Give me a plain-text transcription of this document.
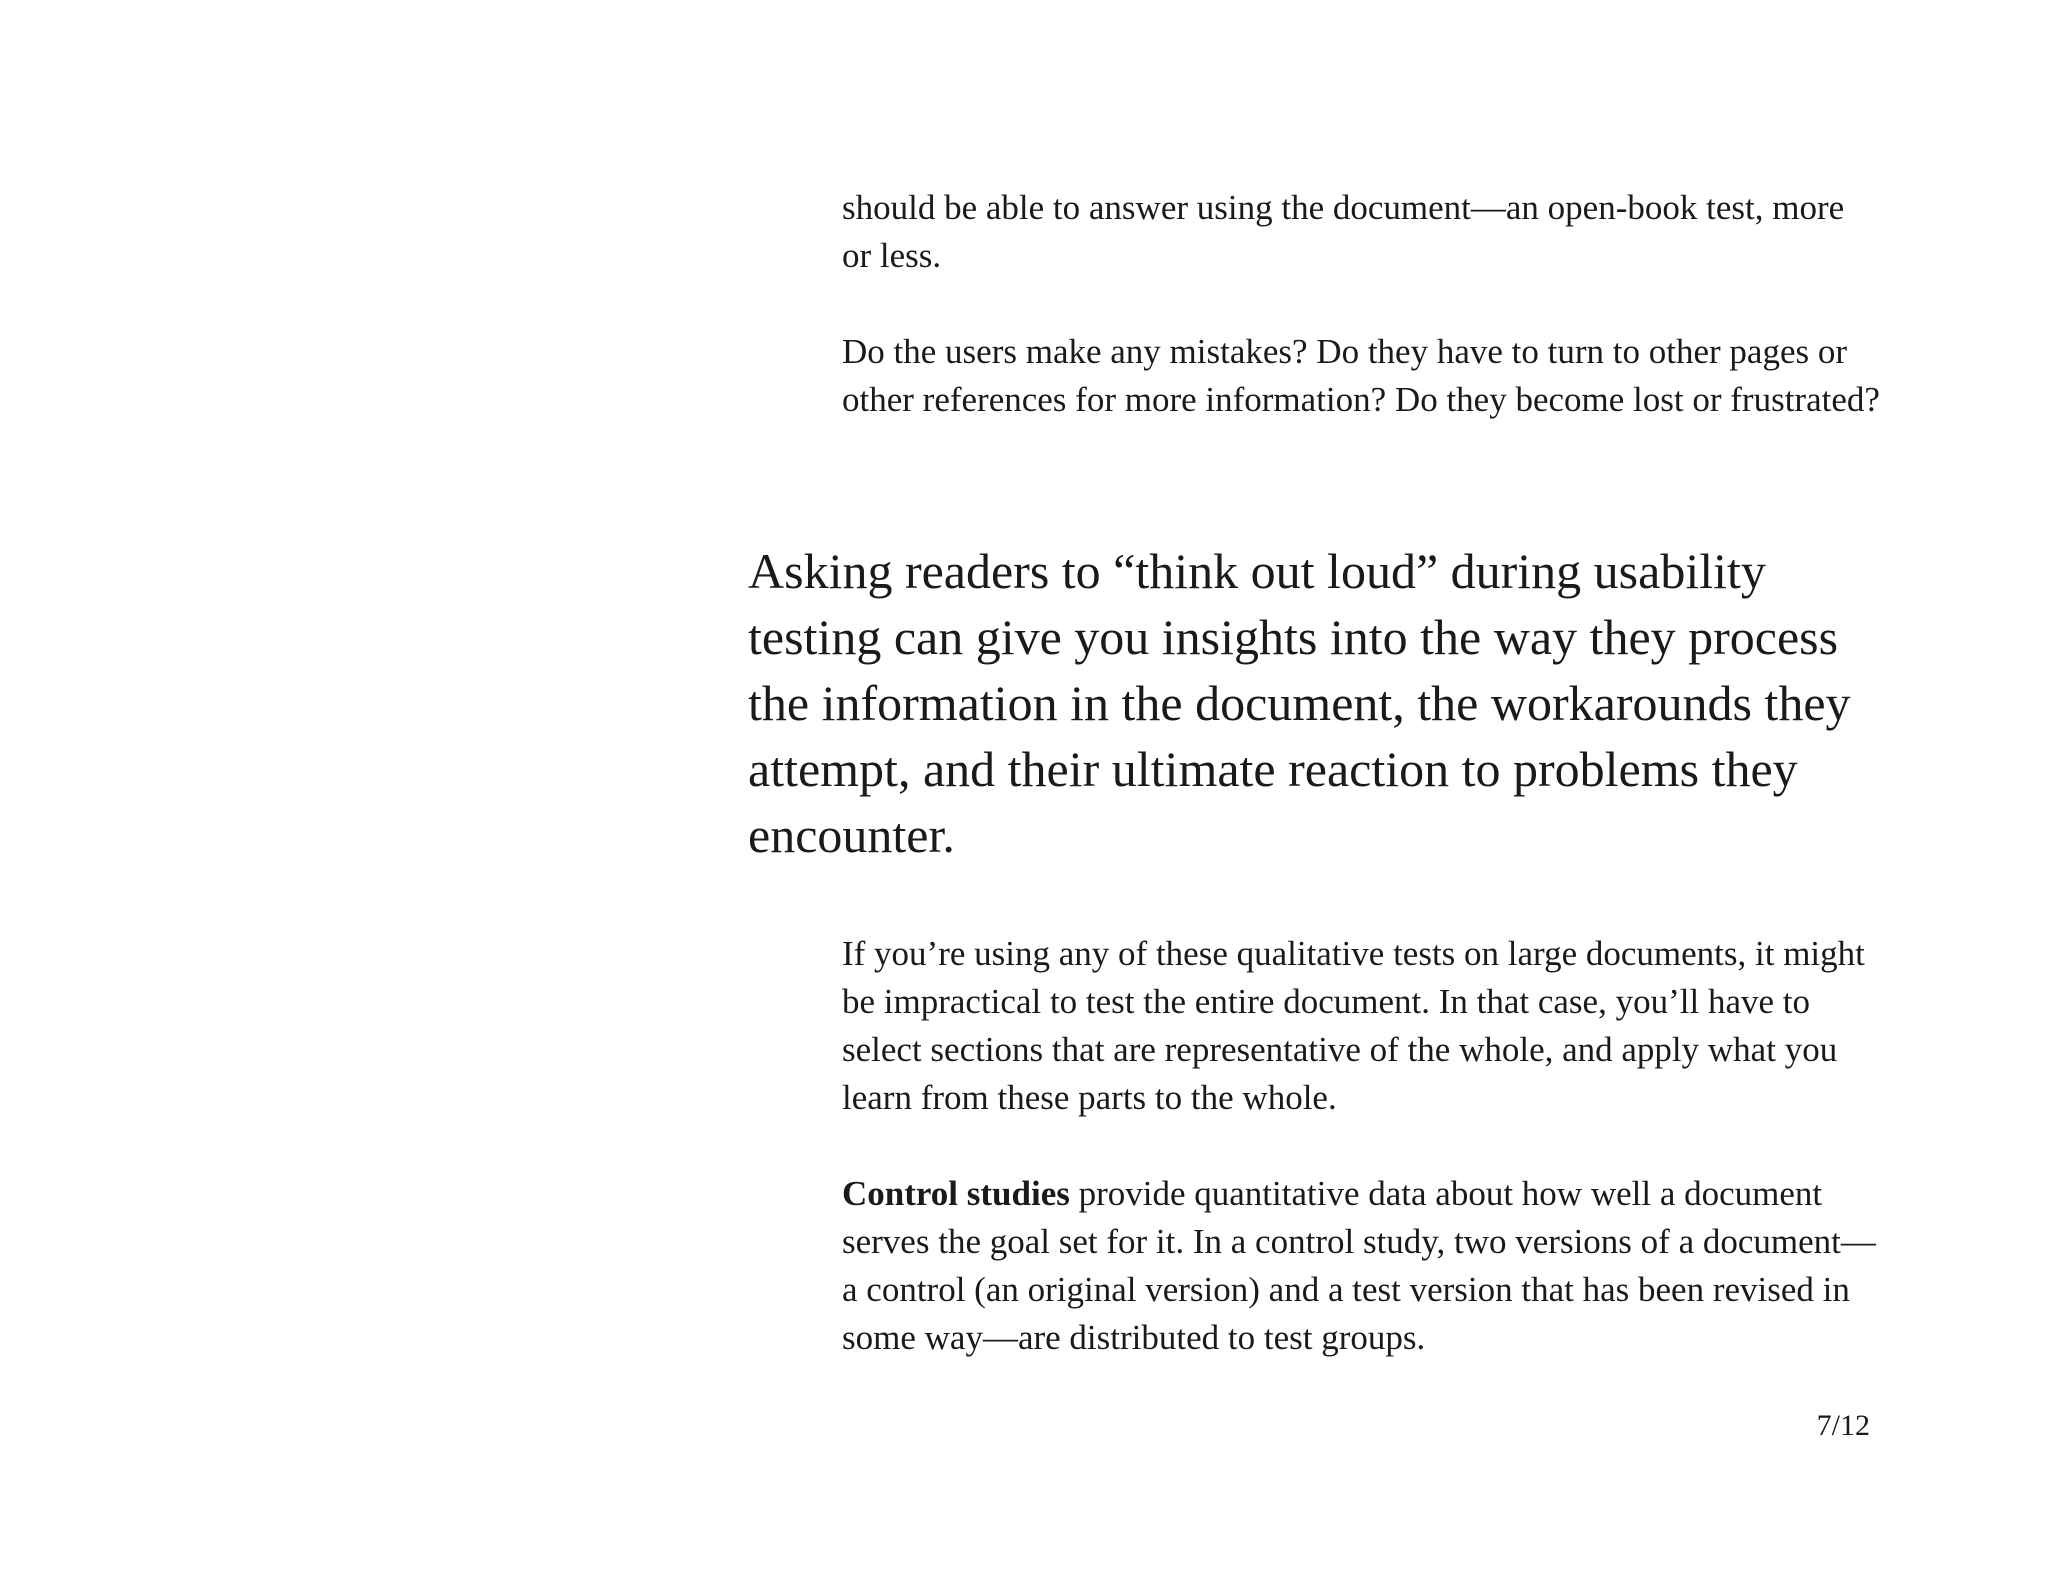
should be able to answer using the document—an open-book test, more or less.

Do the users make any mistakes? Do they have to turn to other pages or other references for more information? Do they become lost or frustrated?

Asking readers to “think out loud” during usability testing can give you insights into the way they process the information in the document, the workarounds they attempt, and their ultimate reaction to problems they encounter.

If you’re using any of these qualitative tests on large documents, it might be impractical to test the entire document. In that case, you’ll have to select sections that are representative of the whole, and apply what you learn from these parts to the whole.

Control studies provide quantitative data about how well a document serves the goal set for it. In a control study, two versions of a document—a control (an original version) and a test version that has been revised in some way—are distributed to test groups.

7/12
